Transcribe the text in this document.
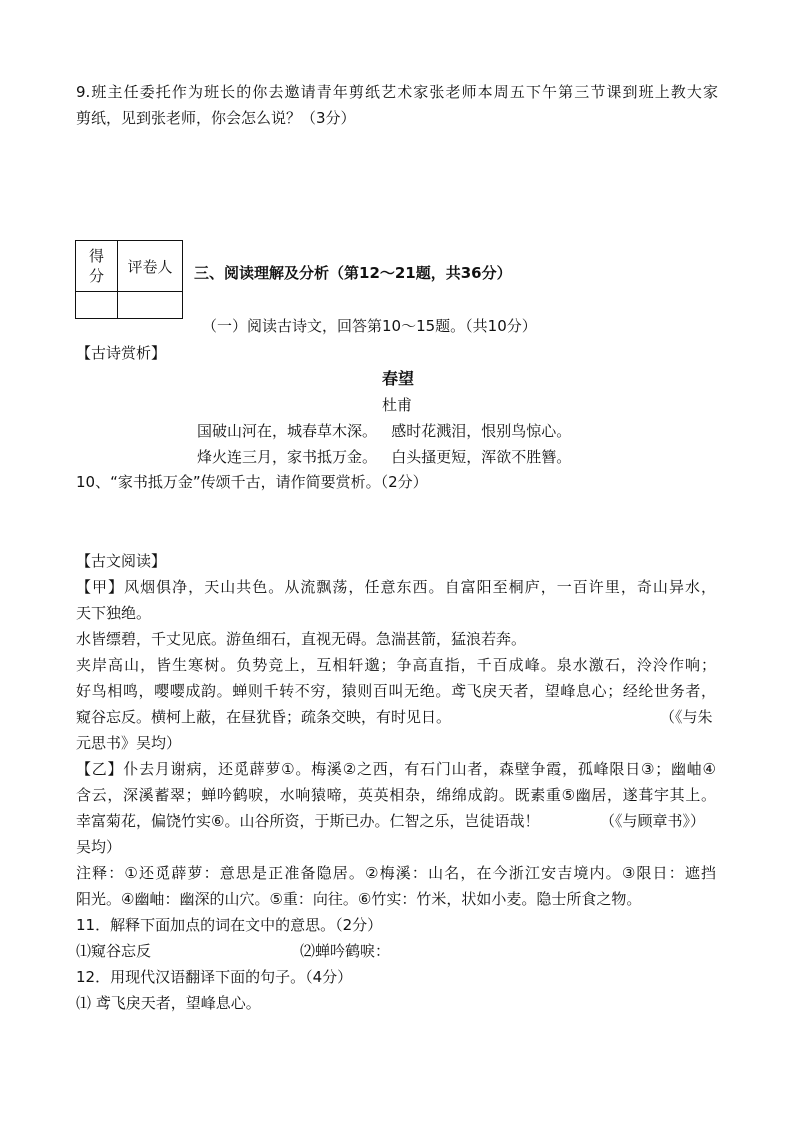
9.班主任委托作为班长的你去邀请青年剪纸艺术家张老师本周五下午第三节课到班上教大家
剪纸，见到张老师，你会怎么说？（3分）
得
分	评卷人
	三、阅读理解及分析（第12～21题，共36分）
（一）阅读古诗文，回答第10～15题。（共10分）
【古诗赏析】
春望
杜甫
国破山河在，城春草木深。   感时花溅泪，恨别鸟惊心。
烽火连三月，家书抵万金。   白头搔更短，浑欲不胜簪。
10、“家书抵万金”传颂千古，请作简要赏析。（2分）
【古文阅读】
【甲】风烟俱净，天山共色。从流飘荡，任意东西。自富阳至桐庐，一百许里，奇山异水，
天下独绝。
水皆缥碧，千丈见底。游鱼细石，直视无碍。急湍甚箭，猛浪若奔。
夹岸高山，皆生寒树。负势竞上，互相轩邈；争高直指，千百成峰。泉水激石，泠泠作响；
好鸟相鸣，嘤嘤成韵。蝉则千转不穷，猿则百叫无绝。鸢飞戾天者，望峰息心；经纶世务者，
窥谷忘反。横柯上蔽，在昼犹昏；疏条交映，有时见日。	（《与朱
元思书》吴均）
【乙】仆去月谢病，还觅薜萝①。梅溪②之西，有石门山者，森壁争霞，孤峰限日③；幽岫④
含云，深溪蓄翠；蝉吟鹤唳，水响猿啼，英英相杂，绵绵成韵。既素重⑤幽居，遂葺宇其上。
幸富菊花，偏饶竹实⑥。山谷所资，于斯已办。仁智之乐，岂徒语哉！	（《与顾章书》）
吴均）
注释：①还觅薜萝：意思是正准备隐居。②梅溪：山名，在今浙江安吉境内。③限日：遮挡
阳光。④幽岫：幽深的山穴。⑤重：向往。⑥竹实：竹米，状如小麦。隐士所食之物。
11．解释下面加点的词在文中的意思。（2分）
⑴窥谷忘反	⑵蝉吟鹤唳：
12．用现代汉语翻译下面的句子。（4分）
⑴ 鸢飞戾天者，望峰息心。
